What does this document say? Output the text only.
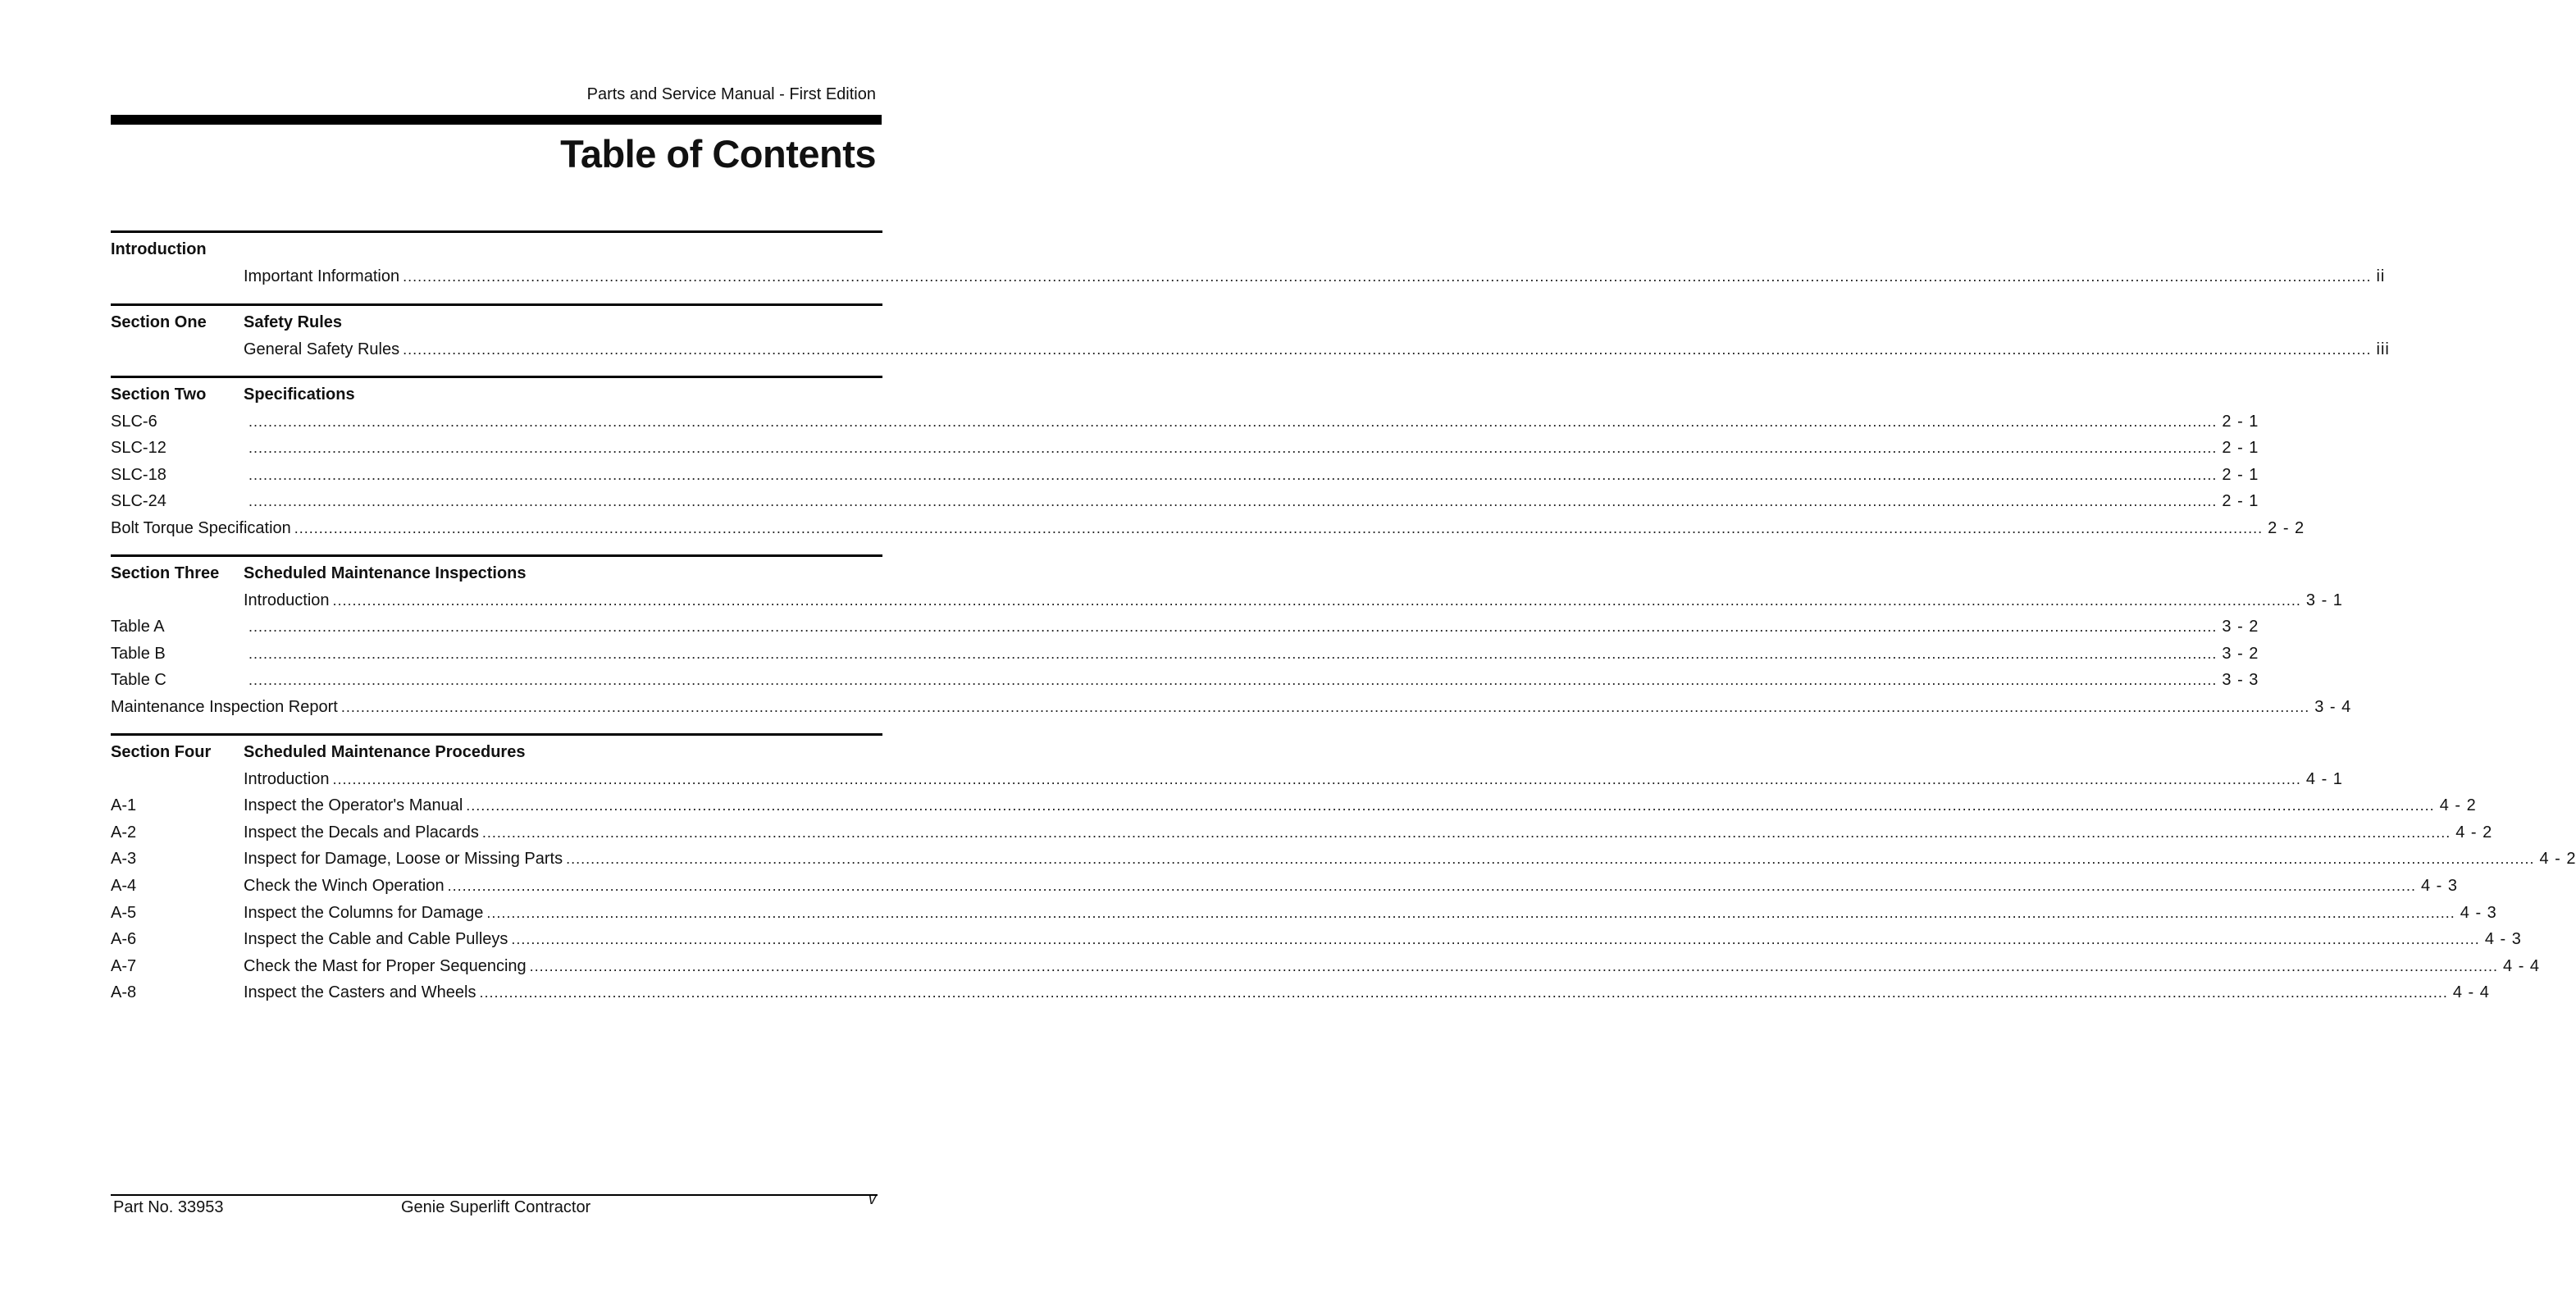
Parts and Service Manual - First Edition
Table of Contents
Introduction
Important Information ................................................................................................................................................................................................................................................................................................................................................................................................................ ii
Section One Safety Rules
General Safety Rules ................................................................................................................................................................................................................................................................................................................................................................................................................ iii
Section Two Specifications
SLC-6	................................................................................................................................................................................................................................................................................................................................................................................................................ 2 - 1
SLC-12	................................................................................................................................................................................................................................................................................................................................................................................................................ 2 - 1
SLC-18	................................................................................................................................................................................................................................................................................................................................................................................................................ 2 - 1
SLC-24	................................................................................................................................................................................................................................................................................................................................................................................................................ 2 - 1
Bolt Torque Specification ................................................................................................................................................................................................................................................................................................................................................................................................................ 2 - 2
Section Three Scheduled Maintenance Inspections
Introduction ................................................................................................................................................................................................................................................................................................................................................................................................................ 3 - 1
Table A	................................................................................................................................................................................................................................................................................................................................................................................................................ 3 - 2
Table B	................................................................................................................................................................................................................................................................................................................................................................................................................ 3 - 2
Table C	................................................................................................................................................................................................................................................................................................................................................................................................................ 3 - 3
Maintenance Inspection Report ................................................................................................................................................................................................................................................................................................................................................................................................................ 3 - 4
Section Four Scheduled Maintenance Procedures
Introduction ................................................................................................................................................................................................................................................................................................................................................................................................................ 4 - 1
A-1	Inspect the Operator's Manual ................................................................................................................................................................................................................................................................................................................................................................................................................ 4 - 2
A-2	Inspect the Decals and Placards ................................................................................................................................................................................................................................................................................................................................................................................................................ 4 - 2
A-3	Inspect for Damage, Loose or Missing Parts ................................................................................................................................................................................................................................................................................................................................................................................................................ 4 - 2
A-4	Check the Winch Operation ................................................................................................................................................................................................................................................................................................................................................................................................................ 4 - 3
A-5	Inspect the Columns for Damage ................................................................................................................................................................................................................................................................................................................................................................................................................ 4 - 3
A-6	Inspect the Cable and Cable Pulleys ................................................................................................................................................................................................................................................................................................................................................................................................................ 4 - 3
A-7	Check the Mast for Proper Sequencing ................................................................................................................................................................................................................................................................................................................................................................................................................ 4 - 4
A-8	Inspect the Casters and Wheels ................................................................................................................................................................................................................................................................................................................................................................................................................ 4 - 4
Part No. 33953	Genie Superlift Contractor	v
